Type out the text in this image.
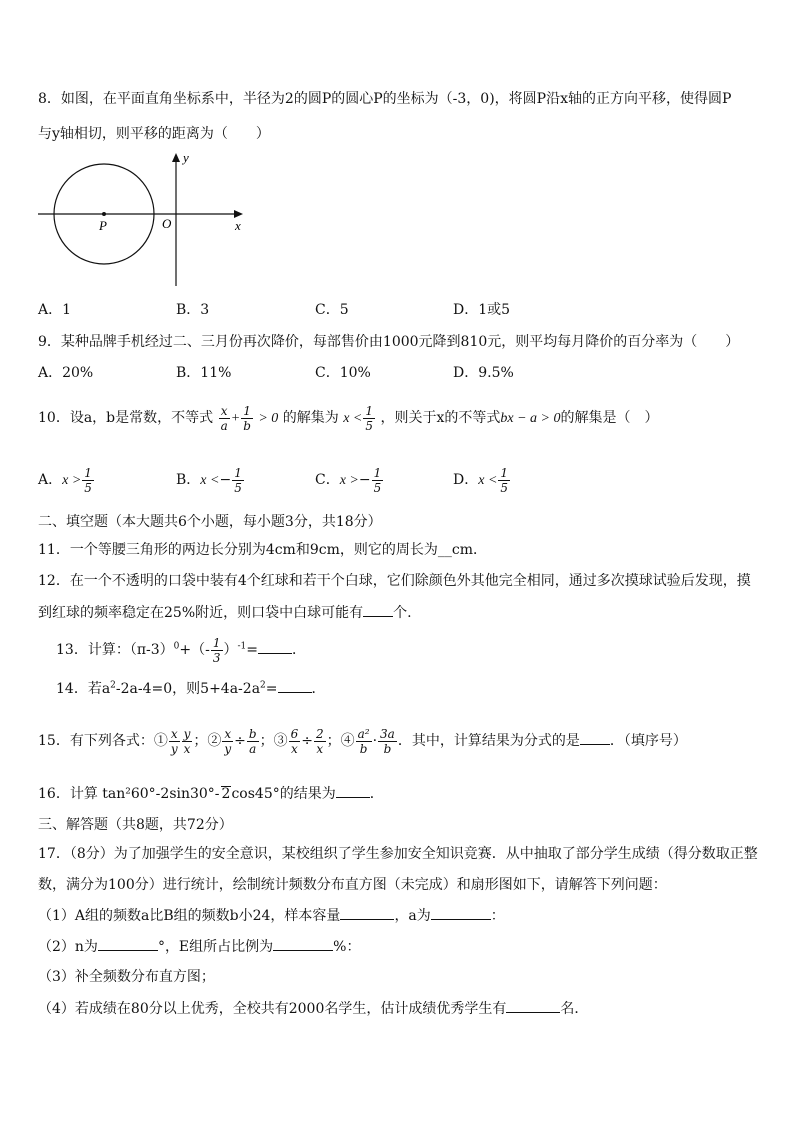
8．如图，在平面直角坐标系中，半径为2的圆P的圆心P的坐标为（-3，0)，将圆P沿x轴的正方向平移，使得圆P
与y轴相切，则平移的距离为（　　）
y
x
O
P
A．1	B．3	C．5	D．1或5
9．某种品牌手机经过二、三月份再次降价，每部售价由1000元降到810元，则平均每月降价的百分率为（　　）
A．20%	B．11%	C．10%	D．9.5%
10．设a，b是常数，不等式 $\frac{x}{a} + \frac{1}{b} > 0$ 的解集为 $x < \frac{1}{5}$ ，则关于x的不等式bx − a > 0的解集是（　）
A．$x > \frac{1}{5}$	B．$x <- \frac{1}{5}$	C．$x >- \frac{1}{5}$	D．$x < \frac{1}{5}$
二、填空题（本大题共6个小题，每小题3分，共18分）
11．一个等腰三角形的两边长分别为4cm和9cm，则它的周长为__cm．
12．在一个不透明的口袋中装有4个红球和若干个白球，它们除颜色外其他完全相同，通过多次摸球试验后发现，摸
到红球的频率稳定在25%附近，则口袋中白球可能有 个.
13．计算：$(\pi-3)^0+(- \frac{1}{3} )^{-1}=$ ．
14．若$a^2-2a-4=0$，则$5+4a-2a^2=$ ．
15．有下列各式：① $\frac{x}{y} \frac{y}{x}$ ；② $\frac{x}{y} \div \frac{b}{a}$ ；③ $\frac{6}{x} \div \frac{2}{x}$ ；④ $\frac{\text{a²}}{b} \cdot \frac{3a}{b}$ ．其中，计算结果为分式的是 ．（填序号）
16．计算 tan²60°-2sin30°- 2cos45°的结果为 ．
三、解答题（共8题，共72分）
17．（8分）为了加强学生的安全意识，某校组织了学生参加安全知识竞赛．从中抽取了部分学生成绩（得分数取正整
数，满分为100分）进行统计，绘制统计频数分布直方图（未完成）和扇形图如下，请解答下列问题：
（1）A组的频数a比B组的频数b小24，样本容量	，a为	：
（2）n为	°，E组所占比例为	%：
（3）补全频数分布直方图；
（4）若成绩在80分以上优秀，全校共有2000名学生，估计成绩优秀学生有	名．
